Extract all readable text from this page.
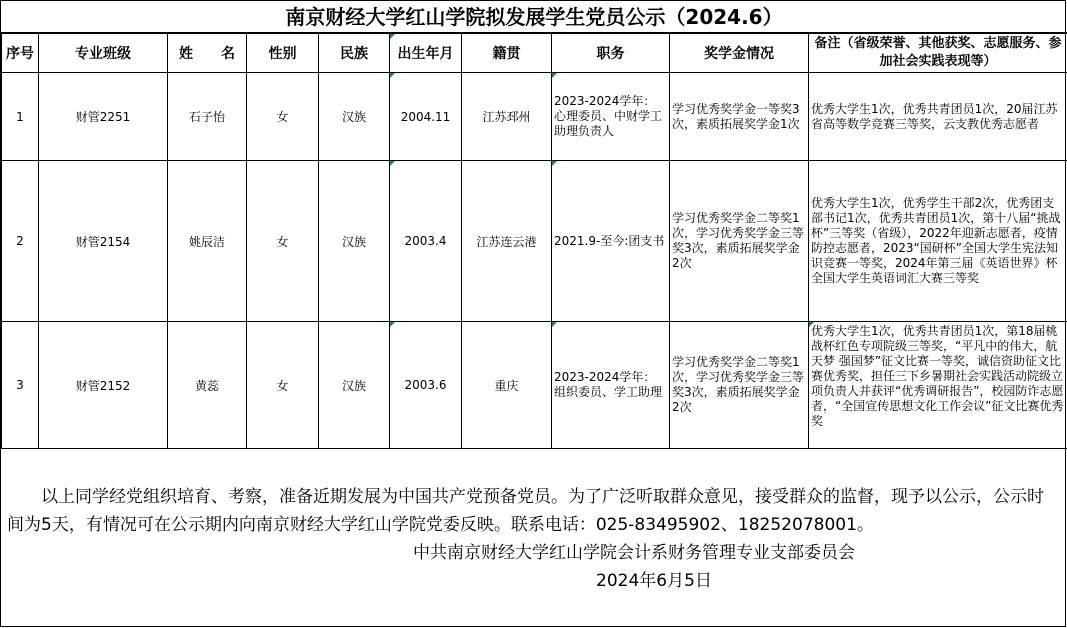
南京财经大学红山学院拟发展学生党员公示（2024.6）
序号	专业班级	姓　　名	性别	民族	出生年月	籍贯	职务	奖学金情况	备注（省级荣誉、其他获奖、志愿服务、参加社会实践表现等）
1	财管2251	石子怡	女	汉族	2004.11	江苏邳州	2023-2024学年：心理委员、中财学工助理负责人	学习优秀奖学金一等奖3次，素质拓展奖学金1次	优秀大学生1次，优秀共青团员1次，20届江苏省高等数学竞赛三等奖，云支教优秀志愿者
2	财管2154	姚辰洁	女	汉族	2003.4	江苏连云港	2021.9-至今:团支书	学习优秀奖学金二等奖1次，学习优秀奖学金三等奖3次，素质拓展奖学金2次	优秀大学生1次，优秀学生干部2次，优秀团支部书记1次，优秀共青团员1次，第十八届“挑战杯”三等奖（省级），2022年迎新志愿者，疫情防控志愿者，2023“国研杯”全国大学生宪法知识竞赛一等奖，2024年第三届《英语世界》杯全国大学生英语词汇大赛三等奖
3	财管2152	黄蕊	女	汉族	2003.6	重庆	2023-2024学年：组织委员、学工助理	学习优秀奖学金二等奖1次，学习优秀奖学金三等奖3次，素质拓展奖学金2次	优秀大学生1次，优秀共青团员1次，第18届桃战杯红色专项院级三等奖，“平凡中的伟大，航天梦 强国梦”征文比赛一等奖，诚信资助征文比赛优秀奖，担任三下乡暑期社会实践活动院级立项负责人并获评“优秀调研报告”，校园防诈志愿者，“全国宣传思想文化工作会议”征文比赛优秀奖

以上同学经党组织培育、考察，准备近期发展为中国共产党预备党员。为了广泛听取群众意见，接受群众的监督，现予以公示，公示时间为5天，有情况可在公示期内向南京财经大学红山学院党委反映。联系电话：025-83495902、18252078001。

中共南京财经大学红山学院会计系财务管理专业支部委员会
2024年6月5日
